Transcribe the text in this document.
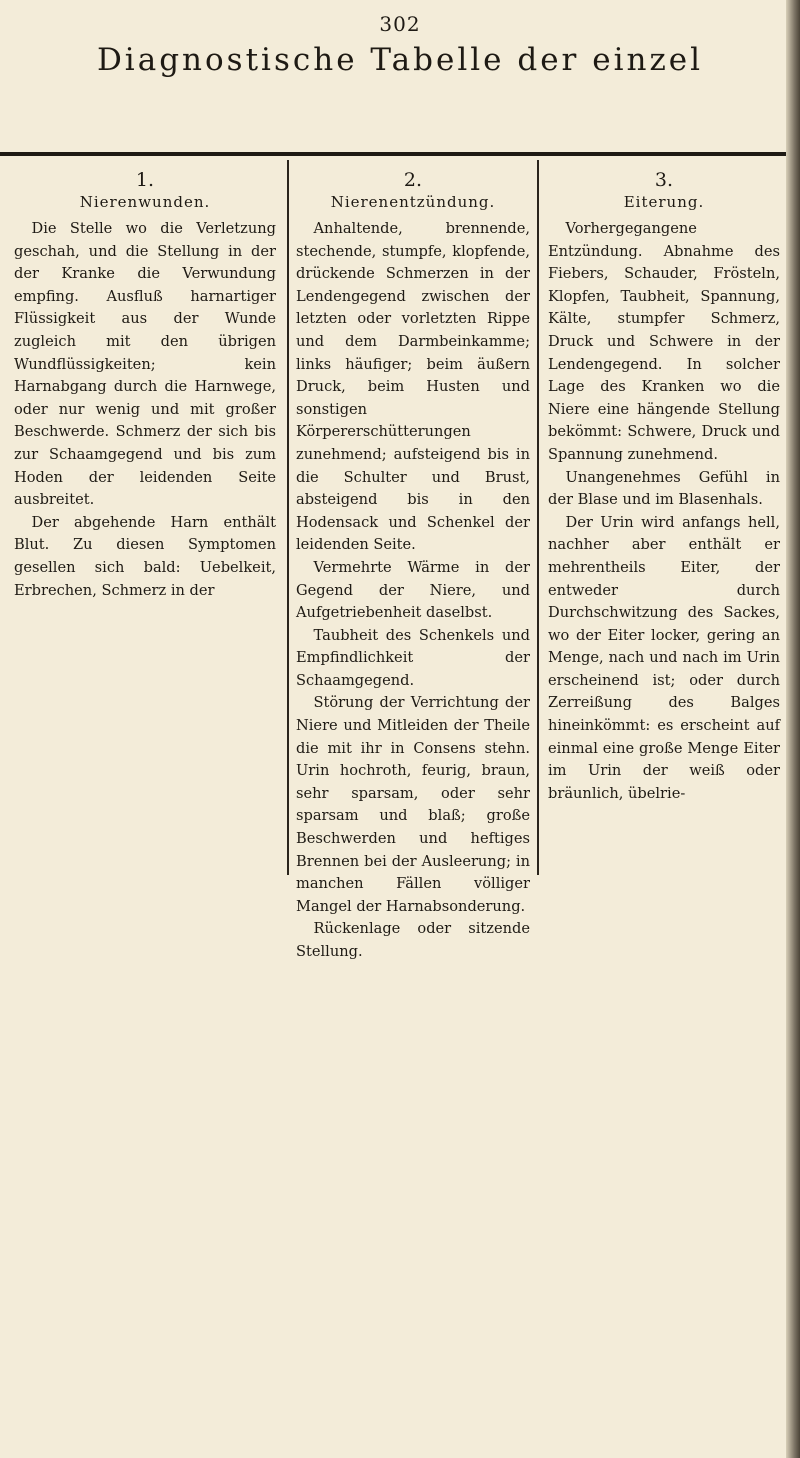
302
Diagnostische Tabelle der einzel
1.
Nierenwunden.

Die Stelle wo die Verletzung geschah, und die Stellung in der der Kranke die Verwundung empfing. Ausfluß harnartiger Flüssigkeit aus der Wunde zugleich mit den übrigen Wundflüssigkeiten; kein Harnabgang durch die Harnwege, oder nur wenig und mit großer Beschwerde. Schmerz der sich bis zur Schaamgegend und bis zum Hoden der leidenden Seite ausbreitet.

Der abgehende Harn enthält Blut. Zu diesen Symptomen gesellen sich bald: Uebelkeit, Erbrechen, Schmerz in der

2.
Nierenentzündung.

Anhaltende, brennende, stechende, stumpfe, klopfende, drückende Schmerzen in der Lendengegend zwischen der letzten oder vorletzten Rippe und dem Darmbeinkamme; links häufiger; beim äußern Druck, beim Husten und sonstigen Körpererschütterungen zunehmend; aufsteigend bis in die Schulter und Brust, absteigend bis in den Hodensack und Schenkel der leidenden Seite.

Vermehrte Wärme in der Gegend der Niere, und Aufgetriebenheit daselbst.

Taubheit des Schenkels und Empfindlichkeit der Schaamgegend.

Störung der Verrichtung der Niere und Mitleiden der Theile die mit ihr in Consens stehn. Urin hochroth, feurig, braun, sehr sparsam, oder sehr sparsam und blaß; große Beschwerden und heftiges Brennen bei der Ausleerung; in manchen Fällen völliger Mangel der Harnabsonderung.

Rückenlage oder sitzende Stellung.

3.
Eiterung.

Vorhergegangene Entzündung. Abnahme des Fiebers, Schauder, Frösteln, Klopfen, Taubheit, Spannung, Kälte, stumpfer Schmerz, Druck und Schwere in der Lendengegend. In solcher Lage des Kranken wo die Niere eine hängende Stellung bekömmt: Schwere, Druck und Spannung zunehmend.

Unangenehmes Gefühl in der Blase und im Blasenhals.

Der Urin wird anfangs hell, nachher aber enthält er mehrentheils Eiter, der entweder durch Durchschwitzung des Sackes, wo der Eiter locker, gering an Menge, nach und nach im Urin erscheinend ist; oder durch Zerreißung des Balges hineinkömmt: es erscheint auf einmal eine große Menge Eiter im Urin der weiß oder bräunlich, übelrie-
